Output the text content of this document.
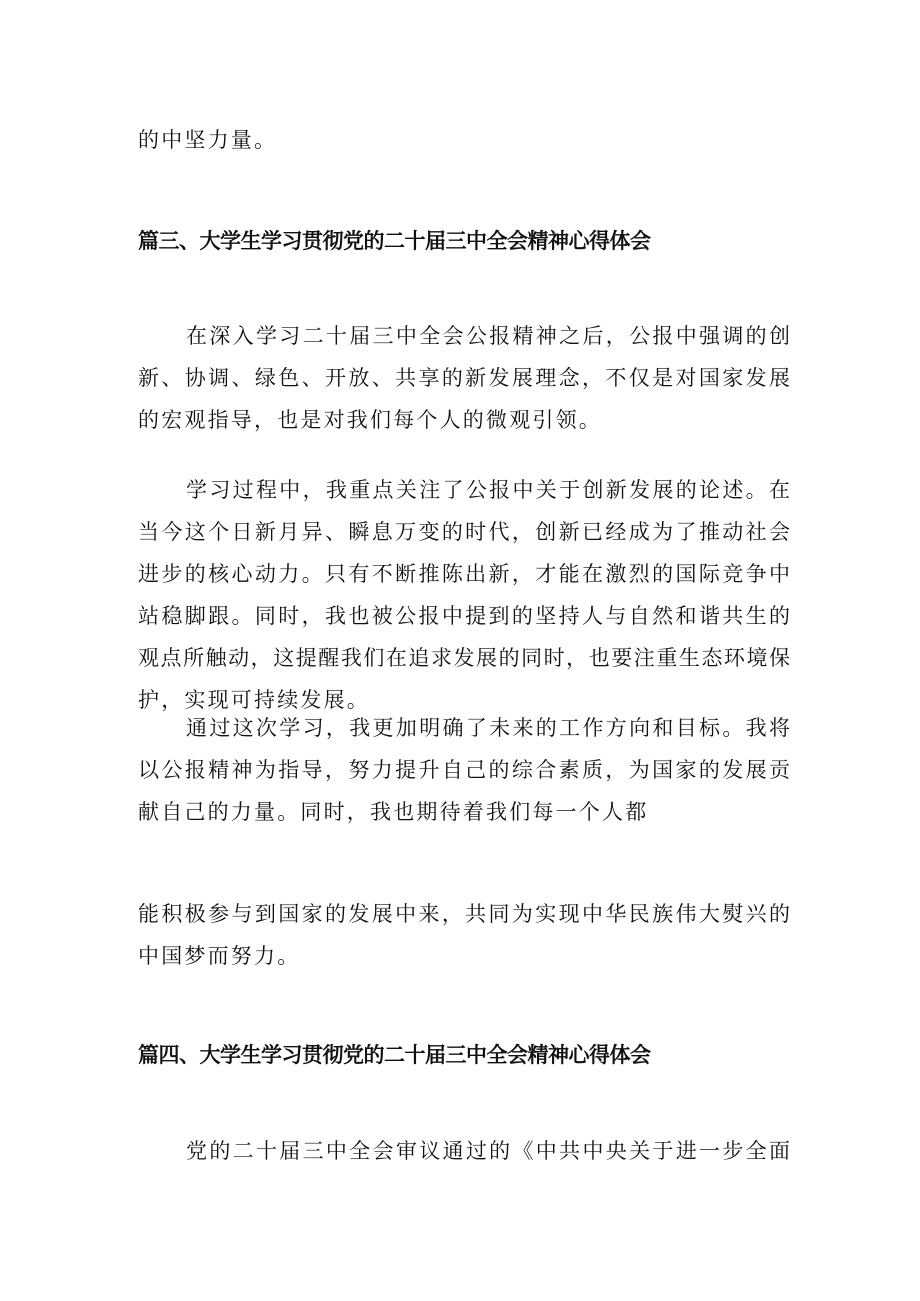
的中坚力量。
篇三、大学生学习贯彻党的二十届三中全会精神心得体会
在深入学习二十届三中全会公报精神之后，公报中强调的创
新、协调、绿色、开放、共享的新发展理念，不仅是对国家发展
的宏观指导，也是对我们每个人的微观引领。
学习过程中，我重点关注了公报中关于创新发展的论述。在
当今这个日新月异、瞬息万变的时代，创新已经成为了推动社会
进步的核心动力。只有不断推陈出新，才能在激烈的国际竞争中
站稳脚跟。同时，我也被公报中提到的坚持人与自然和谐共生的
观点所触动，这提醒我们在追求发展的同时，也要注重生态环境保
护，实现可持续发展。
通过这次学习，我更加明确了未来的工作方向和目标。我将
以公报精神为指导，努力提升自己的综合素质，为国家的发展贡
献自己的力量。同时，我也期待着我们每一个人都
能积极参与到国家的发展中来，共同为实现中华民族伟大熨兴的
中国梦而努力。
篇四、大学生学习贯彻党的二十届三中全会精神心得体会
党的二十届三中全会审议通过的《中共中央关于进一步全面
